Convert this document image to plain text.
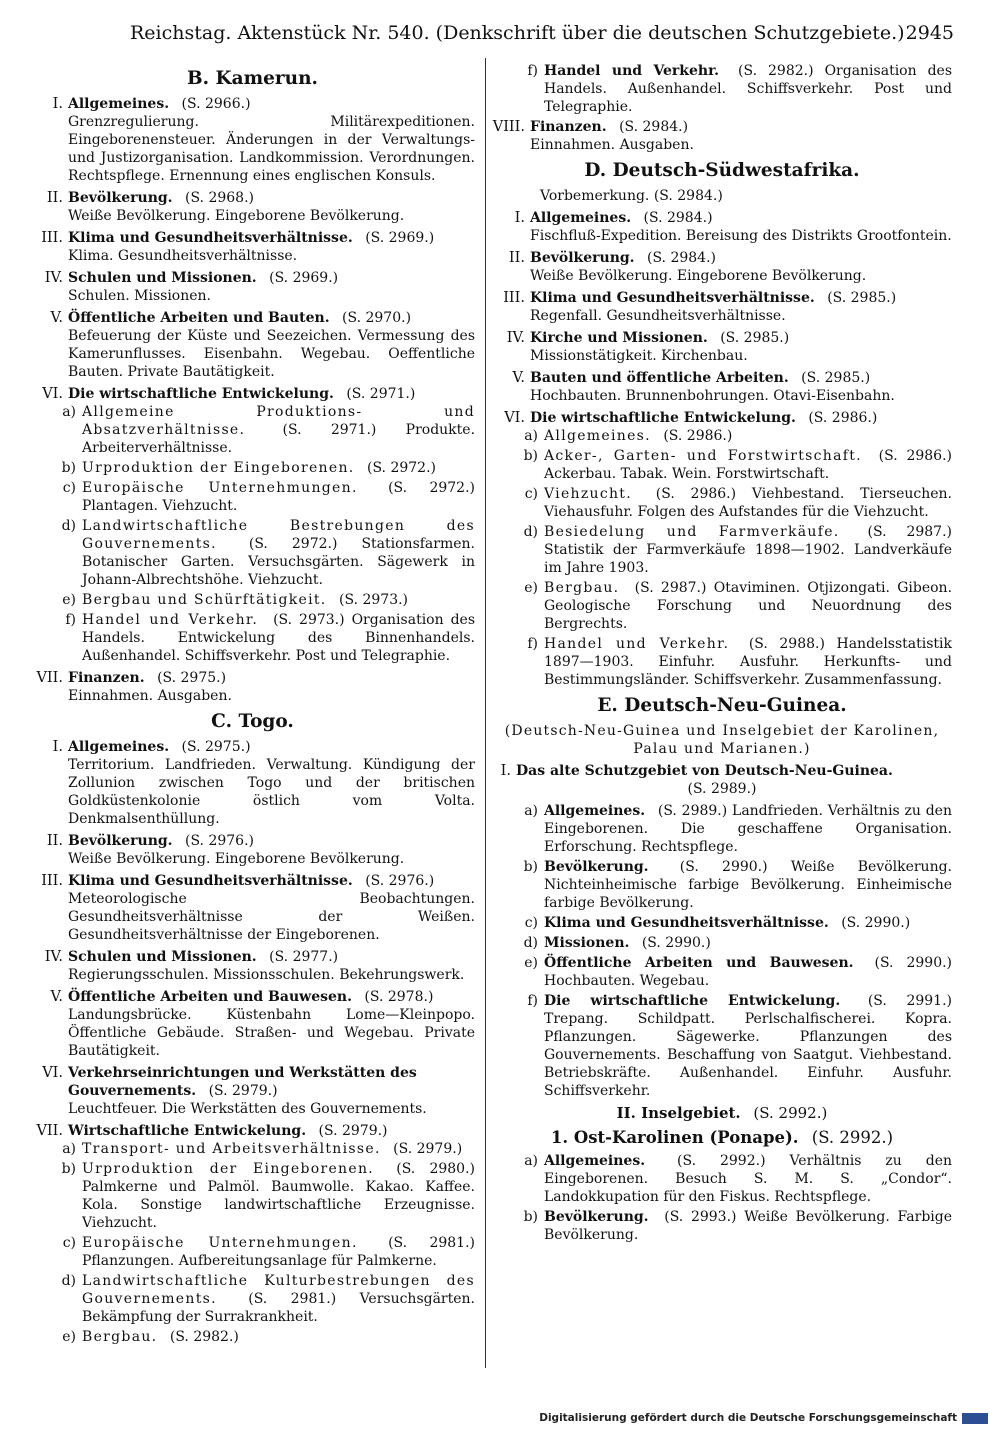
Reichstag. Aktenstück Nr. 540. (Denkschrift über die deutschen Schutzgebiete.) 2945
B. Kamerun.
I. Allgemeines. (S. 2966.)
Grenzregulierung. Militärexpeditionen. Eingeborenensteuer. Änderungen in der Verwaltungs- und Justizorganisation. Landkommission. Verordnungen. Rechtspflege. Ernennung eines englischen Konsuls.
II. Bevölkerung. (S. 2968.)
Weiße Bevölkerung. Eingeborene Bevölkerung.
III. Klima und Gesundheitsverhältnisse. (S. 2969.)
Klima. Gesundheitsverhältnisse.
IV. Schulen und Missionen. (S. 2969.)
Schulen. Missionen.
V. Öffentliche Arbeiten und Bauten. (S. 2970.)
Befeuerung der Küste und Seezeichen. Vermessung des Kamerunflusses. Eisenbahn. Wegebau. Oeffentliche Bauten. Private Bautätigkeit.
VI. Die wirtschaftliche Entwickelung. (S. 2971.)
a) Allgemeine Produktions- und Absatzverhältnisse.	(S. 2971.) Produkte. Arbeiterverhältnisse.
b) Urproduktion der Eingeborenen. (S. 2972.)
c) Europäische Unternehmungen. (S. 2972.) Plantagen. Viehzucht.
d) Landwirtschaftliche Bestrebungen des Gouvernements. (S. 2972.) Stationsfarmen. Botanischer Garten. Versuchsgärten. Sägewerk in Johann-Albrechtshöhe. Viehzucht.
e) Bergbau und Schürftätigkeit. (S. 2973.)
f) Handel und Verkehr. (S. 2973.) Organisation des Handels. Entwickelung des Binnenhandels. Außenhandel. Schiffsverkehr. Post und Telegraphie.
VII. Finanzen. (S. 2975.)
Einnahmen. Ausgaben.
C. Togo.
I. Allgemeines. (S. 2975.)
Territorium. Landfrieden. Verwaltung. Kündigung der Zollunion zwischen Togo und der britischen Goldküstenkolonie östlich vom Volta. Denkmalsenthüllung.
II. Bevölkerung. (S. 2976.)
Weiße Bevölkerung. Eingeborene Bevölkerung.
III. Klima und Gesundheitsverhältnisse. (S. 2976.)
Meteorologische Beobachtungen. Gesundheitsverhältnisse der Weißen. Gesundheitsverhältnisse der Eingeborenen.
IV. Schulen und Missionen. (S. 2977.)
Regierungsschulen. Missionsschulen. Bekehrungswerk.
V. Öffentliche Arbeiten und Bauwesen. (S. 2978.)
Landungsbrücke. Küstenbahn Lome—Kleinpopo. Öffentliche Gebäude. Straßen- und Wegebau. Private Bautätigkeit.
VI. Verkehrseinrichtungen und Werkstätten des Gouvernements. (S. 2979.)
Leuchtfeuer. Die Werkstätten des Gouvernements.
VII. Wirtschaftliche Entwickelung. (S. 2979.)
a) Transport- und Arbeitsverhältnisse. (S. 2979.)
b) Urproduktion der Eingeborenen. (S. 2980.) Palmkerne und Palmöl. Baumwolle. Kakao. Kaffee. Kola. Sonstige landwirtschaftliche Erzeugnisse. Viehzucht.
c) Europäische Unternehmungen. (S. 2981.) Pflanzungen. Aufbereitungsanlage für Palmkerne.
d) Landwirtschaftliche Kulturbestrebungen des Gouvernements. (S. 2981.) Versuchsgärten. Bekämpfung der Surrakrankheit.
e) Bergbau. (S. 2982.)
f) Handel und Verkehr. (S. 2982.) Organisation des Handels. Außenhandel. Schiffsverkehr. Post und Telegraphie.
VIII. Finanzen. (S. 2984.)
Einnahmen. Ausgaben.
D. Deutsch-Südwestafrika.
Vorbemerkung. (S. 2984.)
I. Allgemeines. (S. 2984.)
Fischfluß-Expedition. Bereisung des Distrikts Grootfontein.
II. Bevölkerung. (S. 2984.)
Weiße Bevölkerung. Eingeborene Bevölkerung.
III. Klima und Gesundheitsverhältnisse. (S. 2985.)
Regenfall. Gesundheitsverhältnisse.
IV. Kirche und Missionen. (S. 2985.)
Missionstätigkeit. Kirchenbau.
V. Bauten und öffentliche Arbeiten. (S. 2985.)
Hochbauten. Brunnenbohrungen. Otavi-Eisenbahn.
VI. Die wirtschaftliche Entwickelung. (S. 2986.)
a) Allgemeines. (S. 2986.)
b) Acker-, Garten- und Forstwirtschaft. (S. 2986.) Ackerbau. Tabak. Wein. Forstwirtschaft.
c) Viehzucht. (S. 2986.) Viehbestand. Tierseuchen. Viehausfuhr. Folgen des Aufstandes für die Viehzucht.
d) Besiedelung und Farmverkäufe. (S. 2987.) Statistik der Farmverkäufe 1898—1902. Landverkäufe im Jahre 1903.
e) Bergbau. (S. 2987.) Otaviminen. Otjizongati. Gibeon. Geologische Forschung und Neuordnung des Bergrechts.
f) Handel und Verkehr. (S. 2988.) Handelsstatistik 1897—1903. Einfuhr. Ausfuhr. Herkunfts- und Bestimmungsländer. Schiffsverkehr. Zusammenfassung.
E. Deutsch-Neu-Guinea.
(Deutsch-Neu-Guinea und Inselgebiet der Karolinen, Palau und Marianen.)
I. Das alte Schutzgebiet von Deutsch-Neu-Guinea.
(S. 2989.)
a) Allgemeines. (S. 2989.) Landfrieden. Verhältnis zu den Eingeborenen. Die geschaffene Organisation. Erforschung. Rechtspflege.
b) Bevölkerung. (S. 2990.) Weiße Bevölkerung. Nichteinheimische farbige Bevölkerung. Einheimische farbige Bevölkerung.
c) Klima und Gesundheitsverhältnisse. (S. 2990.)
d) Missionen. (S. 2990.)
e) Öffentliche Arbeiten und Bauwesen. (S. 2990.) Hochbauten. Wegebau.
f) Die wirtschaftliche Entwickelung. (S. 2991.) Trepang. Schildpatt. Perlschalfischerei. Kopra. Pflanzungen. Sägewerke. Pflanzungen des Gouvernements. Beschaffung von Saatgut. Viehbestand. Betriebskräfte. Außenhandel. Einfuhr. Ausfuhr. Schiffsverkehr.
II. Inselgebiet. (S. 2992.)
1. Ost-Karolinen (Ponape). (S. 2992.)
a) Allgemeines. (S. 2992.) Verhältnis zu den Eingeborenen. Besuch S. M. S. „Condor“. Landokkupation für den Fiskus. Rechtspflege.
b) Bevölkerung. (S. 2993.) Weiße Bevölkerung. Farbige Bevölkerung.
Digitalisierung gefördert durch die Deutsche Forschungsgemeinschaft
